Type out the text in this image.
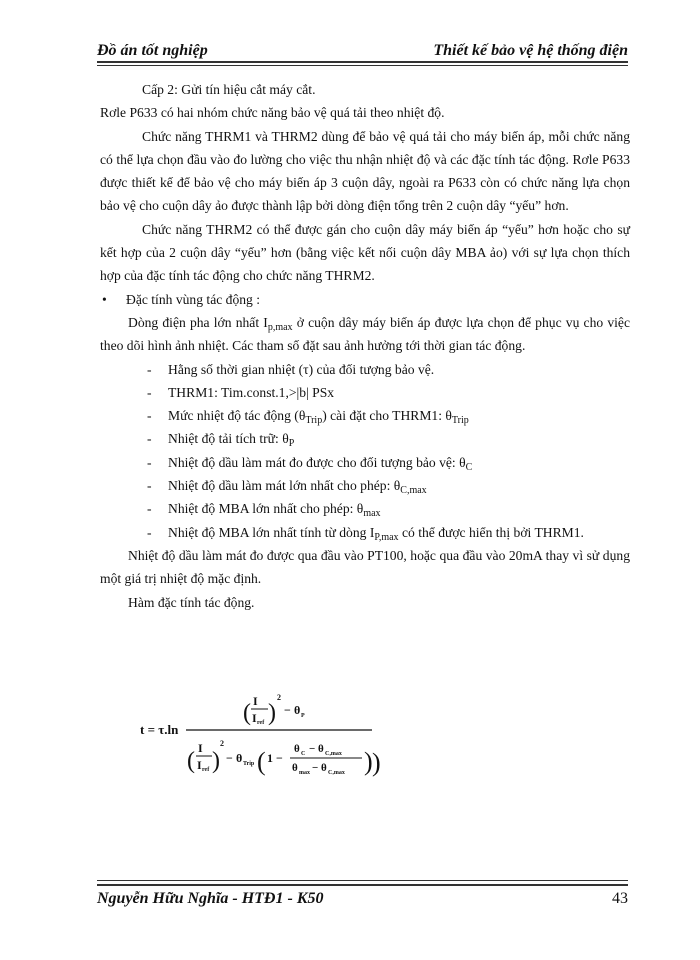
Đồ án tốt nghiệp	Thiết kế bảo vệ hệ thống điện

Cấp 2: Gửi tín hiệu cắt máy cắt.

Rơle P633 có hai nhóm chức năng bảo vệ quá tải theo nhiệt độ.

Chức năng THRM1 và THRM2 dùng để bảo vệ quá tải cho máy biến áp, mỗi chức năng có thể lựa chọn đầu vào đo lường cho việc thu nhận nhiệt độ và các đặc tính tác động. Rơle P633 được thiết kế để bảo vệ cho máy biến áp 3 cuộn dây, ngoài ra P633 còn có chức năng lựa chọn bảo vệ cho cuộn dây ảo được thành lập bởi dòng điện tổng trên 2 cuộn dây “yếu” hơn.

Chức năng THRM2 có thể được gán cho cuộn dây máy biến áp “yếu” hơn hoặc cho sự kết hợp của 2 cuộn dây “yếu” hơn (bằng việc kết nối cuộn dây MBA ảo) với sự lựa chọn thích hợp của đặc tính tác động cho chức năng THRM2.

• Đặc tính vùng tác động :

Dòng điện pha lớn nhất $I_{p,max}$ ở cuộn dây máy biến áp được lựa chọn để phục vụ cho việc theo dõi hình ảnh nhiệt. Các tham số đặt sau ảnh hưởng tới thời gian tác động.

- Hằng số thời gian nhiệt (τ) của đối tượng bảo vệ.

- THRM1: Tim.const.1,>|b| PSx

- Mức nhiệt độ tác động $(\theta_{Trip})$ cài đặt cho THRM1: $\theta_{Trip}$

- Nhiệt độ tải tích trữ: $\theta_P$

- Nhiệt độ dầu làm mát đo được cho đối tượng bảo vệ: $\theta_C$

- Nhiệt độ dầu làm mát lớn nhất cho phép: $\theta_{C,max}$

- Nhiệt độ MBA lớn nhất cho phép: $\theta_{max}$

- Nhiệt độ MBA lớn nhất tính từ dòng $I_{P,max}$ có thể được hiển thị bởi THRM1.

Nhiệt độ dầu làm mát đo được qua đầu vào PT100, hoặc qua đầu vào 20mA thay vì sử dụng một giá trị nhiệt độ mặc định.

Hàm đặc tính tác động.

t = τ.ln
( I
I ref )
2
− θ P
( I
I ref )
2
− θ Trip ( 1 −
θ C − θ C,max
θ max − θ C,max ) )
Nguyễn Hữu Nghĩa - HTĐ1 - K50	43
